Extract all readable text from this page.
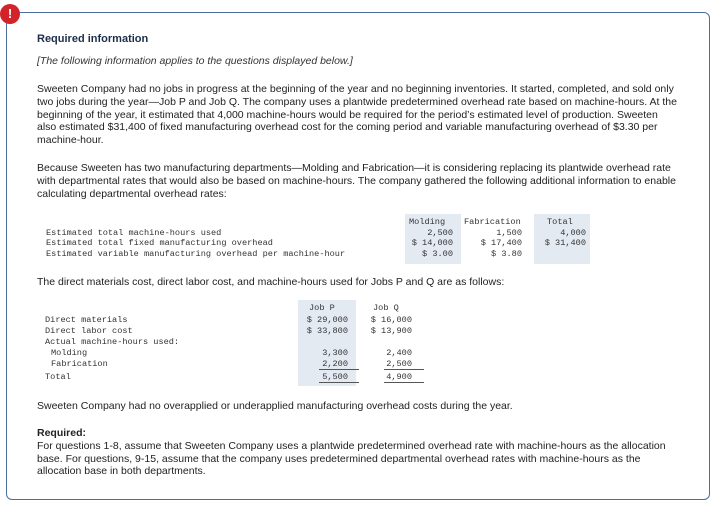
!
Required information
[The following information applies to the questions displayed below.]
Sweeten Company had no jobs in progress at the beginning of the year and no beginning inventories. It started, completed, and sold only two jobs during the year—Job P and Job Q. The company uses a plantwide predetermined overhead rate based on machine-hours. At the beginning of the year, it estimated that 4,000 machine-hours would be required for the period’s estimated level of production. Sweeten also estimated $31,400 of fixed manufacturing overhead cost for the coming period and variable manufacturing overhead of $3.30 per machine-hour.
Because Sweeten has two manufacturing departments—Molding and Fabrication—it is considering replacing its plantwide overhead rate with departmental rates that would also be based on machine-hours. The company gathered the following additional information to enable calculating departmental overhead rates:
Molding Fabrication	Total
Estimated total machine-hours used	2,500	1,500	4,000
Estimated total fixed manufacturing overhead	$ 14,000	$ 17,400	$ 31,400
Estimated variable manufacturing overhead per machine-hour	$ 3.00	$ 3.80
The direct materials cost, direct labor cost, and machine-hours used for Jobs P and Q are as follows:
Job P	Job Q
Direct materials	$ 29,000	$ 16,000
Direct labor cost	$ 33,800	$ 13,900
Actual machine-hours used:
Molding	3,300	2,400
Fabrication	2,200	2,500
Total	5,500	4,900
Sweeten Company had no overapplied or underapplied manufacturing overhead costs during the year.
Required:
For questions 1-8, assume that Sweeten Company uses a plantwide predetermined overhead rate with machine-hours as the allocation base. For questions, 9-15, assume that the company uses predetermined departmental overhead rates with machine-hours as the allocation base in both departments.
